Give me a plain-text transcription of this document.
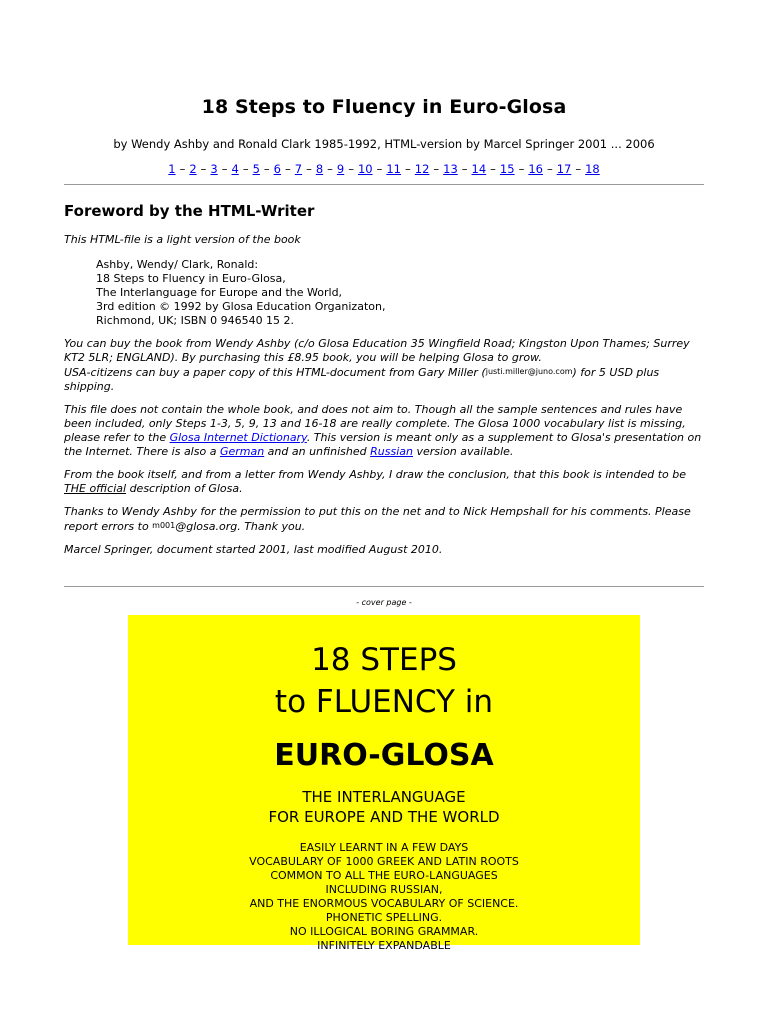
18 Steps to Fluency in Euro-Glosa
by Wendy Ashby and Ronald Clark 1985-1992, HTML-version by Marcel Springer 2001 ... 2006
1 – 2 – 3 – 4 – 5 – 6 – 7 – 8 – 9 – 10 – 11 – 12 – 13 – 14 – 15 – 16 – 17 – 18
Foreword by the HTML-Writer

This HTML-file is a light version of the book

Ashby, Wendy/ Clark, Ronald:
18 Steps to Fluency in Euro-Glosa,
The Interlanguage for Europe and the World,
3rd edition © 1992 by Glosa Education Organizaton,
Richmond, UK; ISBN 0 946540 15 2.

You can buy the book from Wendy Ashby (c/o Glosa Education 35 Wingfield Road; Kingston Upon Thames; Surrey KT2 5LR; ENGLAND). By purchasing this £8.95 book, you will be helping Glosa to grow.
USA-citizens can buy a paper copy of this HTML-document from Gary Miller (justi.miller@juno.com) for 5 USD plus shipping.

This file does not contain the whole book, and does not aim to. Though all the sample sentences and rules have been included, only Steps 1-3, 5, 9, 13 and 16-18 are really complete. The Glosa 1000 vocabulary list is missing, please refer to the Glosa Internet Dictionary. This version is meant only as a supplement to Glosa's presentation on the Internet. There is also a German and an unfinished Russian version available.

From the book itself, and from a letter from Wendy Ashby, I draw the conclusion, that this book is intended to be THE official description of Glosa.

Thanks to Wendy Ashby for the permission to put this on the net and to Nick Hempshall for his comments. Please report errors to m001@glosa.org. Thank you.

Marcel Springer, document started 2001, last modified August 2010.

- cover page -
18 STEPS
to FLUENCY in
EURO-GLOSA
THE INTERLANGUAGE
FOR EUROPE AND THE WORLD
EASILY LEARNT IN A FEW DAYS
VOCABULARY OF 1000 GREEK AND LATIN ROOTS
COMMON TO ALL THE EURO-LANGUAGES
INCLUDING RUSSIAN,
AND THE ENORMOUS VOCABULARY OF SCIENCE.
PHONETIC SPELLING.
NO ILLOGICAL BORING GRAMMAR.
INFINITELY EXPANDABLE
